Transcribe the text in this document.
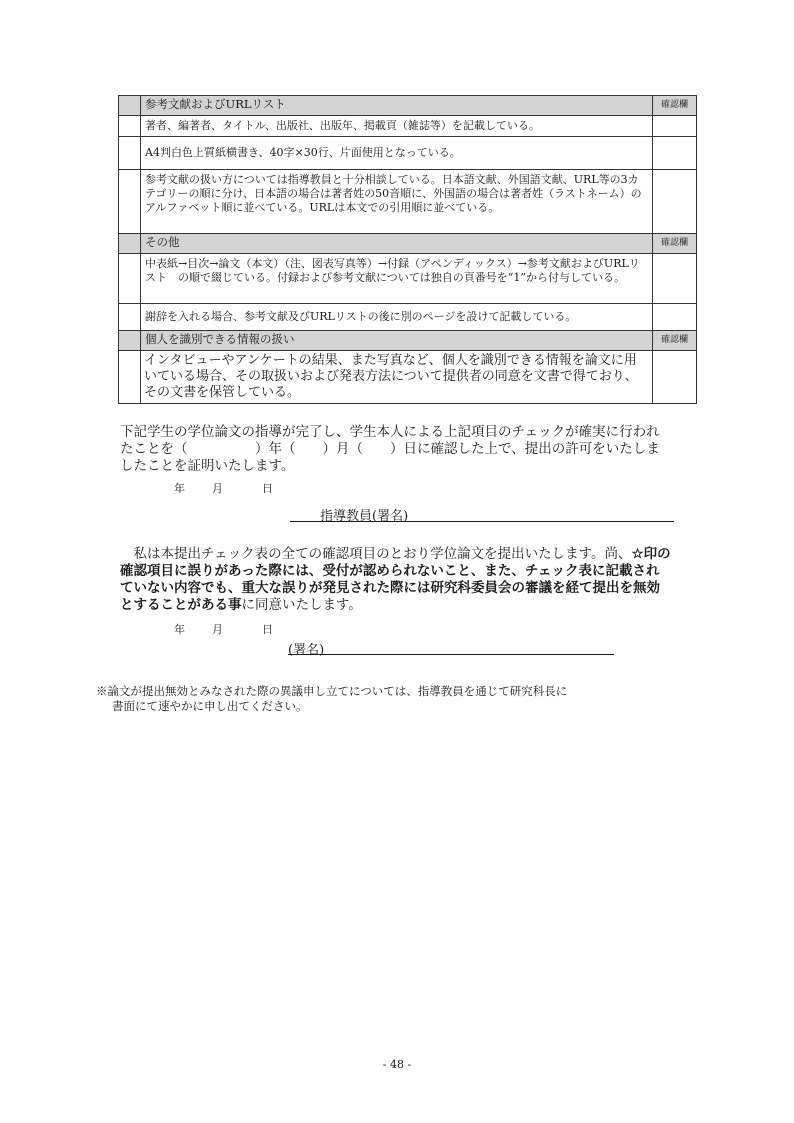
	参考文献およびURLリスト	確認欄
	著者、編著者、タイトル、出版社、出版年、掲載頁（雑誌等）を記載している。	
	A4判白色上質紙横書き、40字×30行、片面使用となっている。	
	参考文献の扱い方については指導教員と十分相談している。日本語文献、外国語文献、URL等の3カテゴリーの順に分け、日本語の場合は著者姓の50音順に、外国語の場合は著者姓（ラストネーム）のアルファベット順に並べている。URLは本文での引用順に並べている。	
	その他	確認欄
	中表紙→目次→論文（本文）（注、図表写真等）→付録（アペンディックス）→参考文献およびURLリスト　の順で綴じている。付録および参考文献については独自の頁番号を“1”から付与している。	
	謝辞を入れる場合、参考文献及びURLリストの後に別のページを設けて記載している。	
	個人を識別できる情報の扱い	確認欄
	インタビューやアンケートの結果、また写真など、個人を識別できる情報を論文に用いている場合、その取扱いおよび発表方法について提供者の同意を文書で得ており、その文書を保管している。	

下記学生の学位論文の指導が完了し、学生本人による上記項目のチェックが確実に行われたことを（　　　　　）年（　　）月（　　）日に確認した上で、提出の許可をいたしましたことを証明いたします。

年 月	日
指導教員(署名)

私は本提出チェック表の全ての確認項目のとおり学位論文を提出いたします。尚、☆印の確認項目に誤りがあった際には、受付が認められないこと、また、チェック表に記載されていない内容でも、重大な誤りが発見された際には研究科委員会の審議を経て提出を無効とすることがある事に同意いたします。

年 月	日
(署名)
※論文が提出無効とみなされた際の異議申し立てについては、指導教員を通じて研究科長に
書面にて速やかに申し出てください。
- 48 -
